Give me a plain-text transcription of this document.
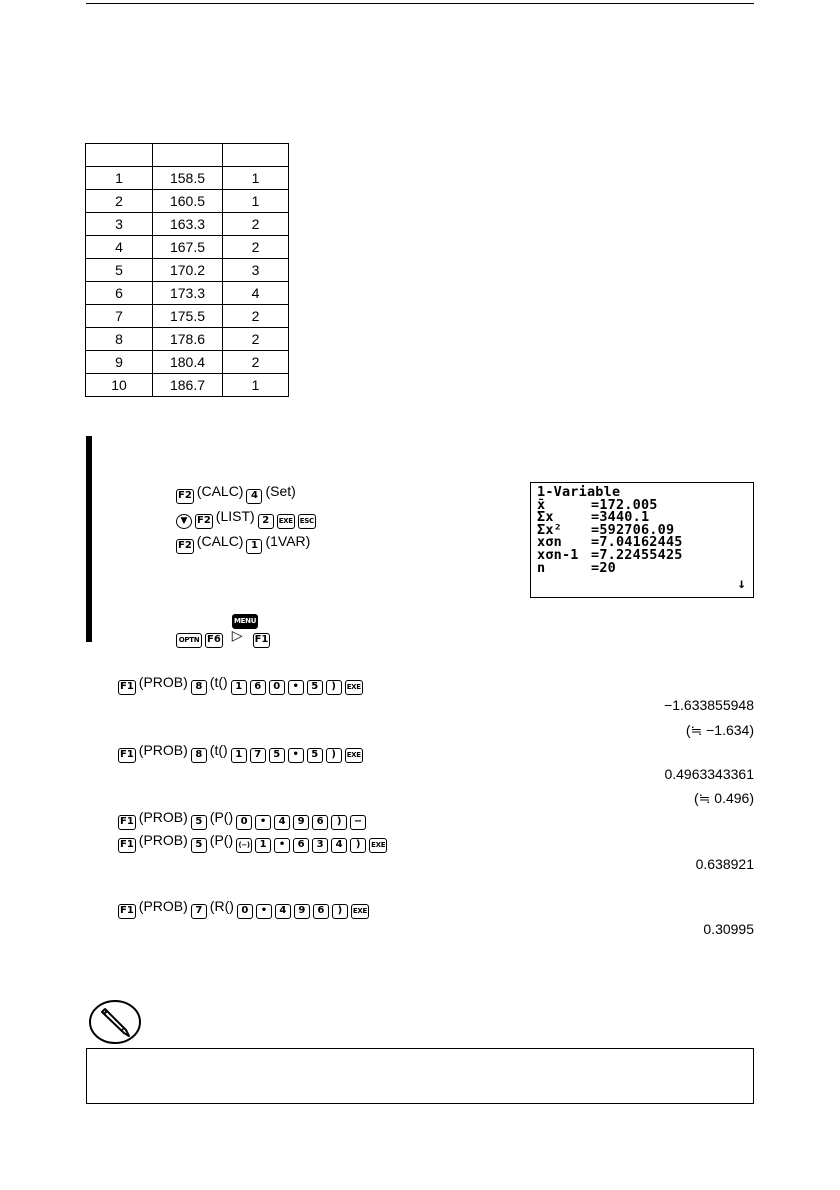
1	158.5	1
2	160.5	1
3	163.3	2
4	167.5	2
5	170.2	3
6	173.3	4
7	175.5	2
8	178.6	2
9	180.4	2
10	186.7	1
F2 (CALC) 4 (Set)
▼ F2 (LIST) 2 EXE ESC
F2 (CALC) 1 (1VAR)
MENU
OPTN F6 ▷ F1
1-Variable
x̄	=172.005
Σx	=3440.1
Σx²	=592706.09
xσn	=7.04162445
xσn-1 =7.22455425
n	=20
↓
F1 (PROB) 8 (t() 1 6 0 • 5 ) EXE
−1.633855948
(≒ −1.634)
F1 (PROB) 8 (t() 1 7 5 • 5 ) EXE
0.4963343361
(≒ 0.496)
F1 (PROB) 5 (P() 0 • 4 9 6 ) −
F1 (PROB) 5 (P() (−) 1 • 6 3 4 ) EXE
0.638921
F1 (PROB) 7 (R() 0 • 4 9 6 ) EXE
0.30995
